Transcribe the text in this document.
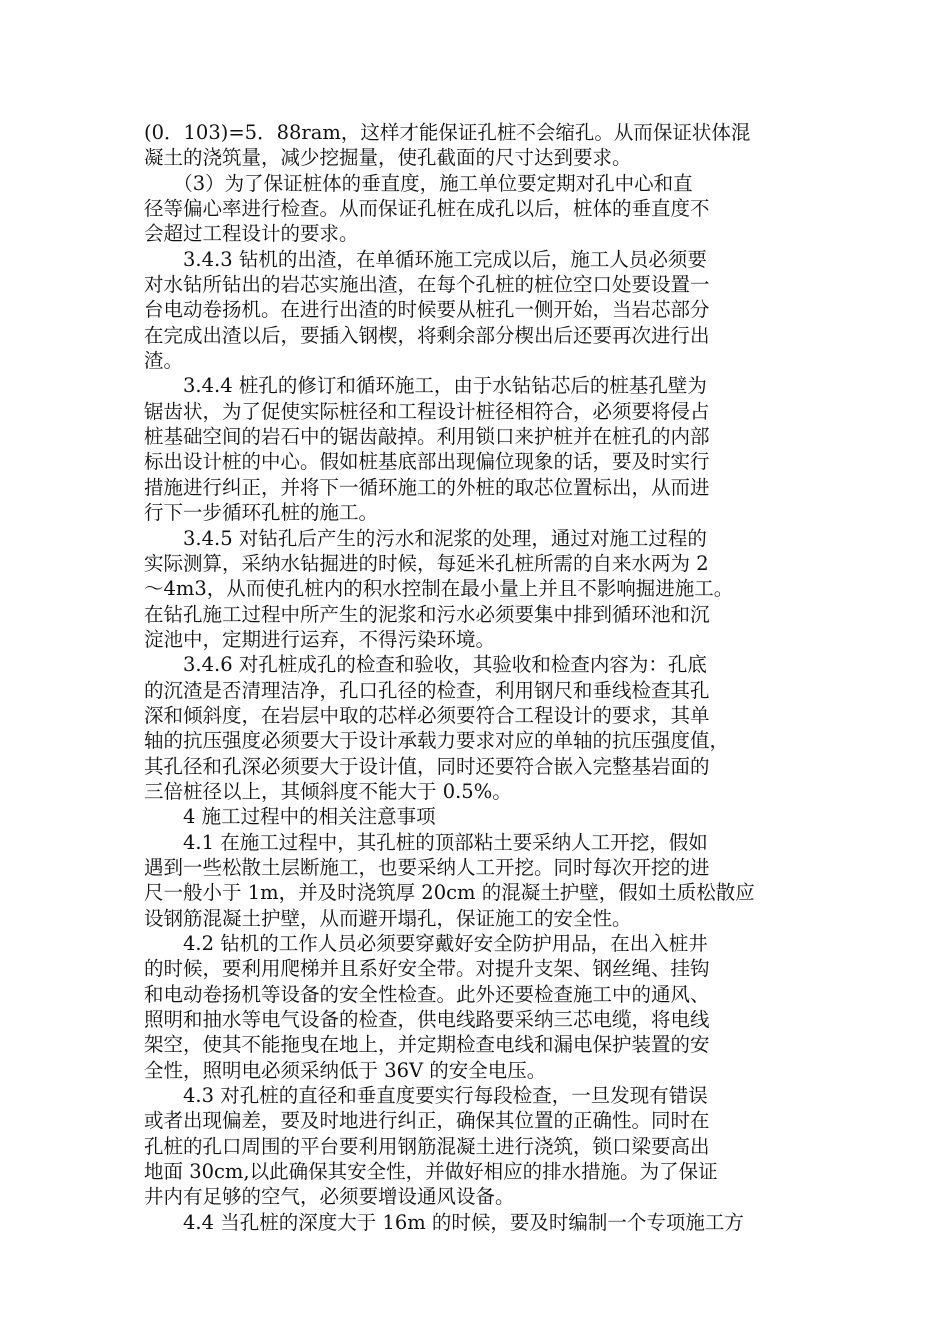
(0．103)=5．88ram，这样才能保证孔桩不会缩孔。从而保证状体混
凝土的浇筑量，减少挖掘量，使孔截面的尺寸达到要求。
　　（3）为了保证桩体的垂直度，施工单位要定期对孔中心和直
径等偏心率进行检查。从而保证孔桩在成孔以后，桩体的垂直度不
会超过工程设计的要求。
　　3.4.3 钻机的出渣，在单循环施工完成以后，施工人员必须要
对水钻所钻出的岩芯实施出渣，在每个孔桩的桩位空口处要设置一
台电动卷扬机。在进行出渣的时候要从桩孔一侧开始，当岩芯部分
在完成出渣以后，要插入钢楔，将剩余部分楔出后还要再次进行出
渣。
　　3.4.4 桩孔的修订和循环施工，由于水钻钻芯后的桩基孔壁为
锯齿状，为了促使实际桩径和工程设计桩径相符合，必须要将侵占
桩基础空间的岩石中的锯齿敲掉。利用锁口来护桩并在桩孔的内部
标出设计桩的中心。假如桩基底部出现偏位现象的话，要及时实行
措施进行纠正，并将下一循环施工的外桩的取芯位置标出，从而进
行下一步循环孔桩的施工。
　　3.4.5 对钻孔后产生的污水和泥浆的处理，通过对施工过程的
实际测算，采纳水钻掘进的时候，每延米孔桩所需的自来水两为 2
～4m3，从而使孔桩内的积水控制在最小量上并且不影响掘进施工。
在钻孔施工过程中所产生的泥浆和污水必须要集中排到循环池和沉
淀池中，定期进行运弃，不得污染环境。
　　3.4.6 对孔桩成孔的检查和验收，其验收和检查内容为：孔底
的沉渣是否清理洁净，孔口孔径的检查，利用钢尺和垂线检查其孔
深和倾斜度，在岩层中取的芯样必须要符合工程设计的要求，其单
轴的抗压强度必须要大于设计承载力要求对应的单轴的抗压强度值，
其孔径和孔深必须要大于设计值，同时还要符合嵌入完整基岩面的
三倍桩径以上，其倾斜度不能大于 0.5%。
　　4 施工过程中的相关注意事项
　　4.1 在施工过程中，其孔桩的顶部粘土要采纳人工开挖，假如
遇到一些松散土层断施工，也要采纳人工开挖。同时每次开挖的进
尺一般小于 1m，并及时浇筑厚 20cm 的混凝土护壁，假如土质松散应
设钢筋混凝土护壁，从而避开塌孔，保证施工的安全性。
　　4.2 钻机的工作人员必须要穿戴好安全防护用品，在出入桩井
的时候，要利用爬梯并且系好安全带。对提升支架、钢丝绳、挂钩
和电动卷扬机等设备的安全性检查。此外还要检查施工中的通风、
照明和抽水等电气设备的检查，供电线路要采纳三芯电缆，将电线
架空，使其不能拖曳在地上，并定期检查电线和漏电保护装置的安
全性，照明电必须采纳低于 36V 的安全电压。
　　4.3 对孔桩的直径和垂直度要实行每段检查，一旦发现有错误
或者出现偏差，要及时地进行纠正，确保其位置的正确性。同时在
孔桩的孔口周围的平台要利用钢筋混凝土进行浇筑，锁口梁要高出
地面 30cm,以此确保其安全性，并做好相应的排水措施。为了保证
井内有足够的空气，必须要增设通风设备。
　　4.4 当孔桩的深度大于 16m 的时候，要及时编制一个专项施工方
